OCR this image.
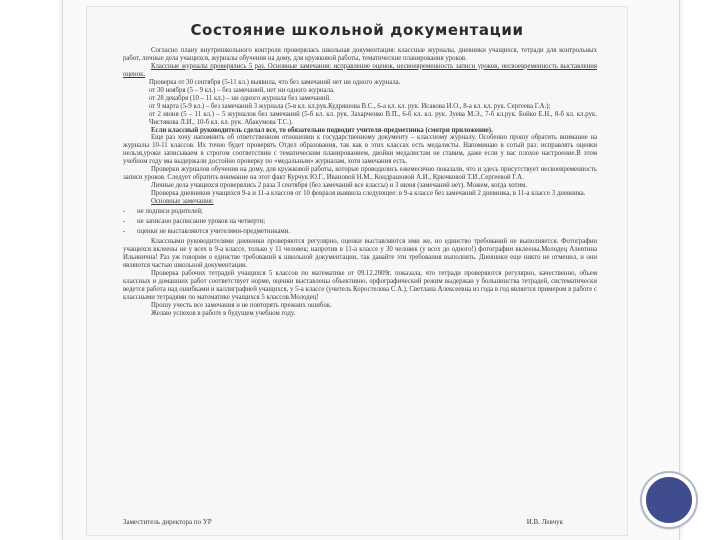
Состояние школьной документации

Согласно плану внутришкольного контроля проверялась школьная документация: классные журналы, дневники учащихся, тетради для контрольных работ, личные дела учащихся, журналы обучения на дому, для кружковой работы, тематические планирования уроков.

Классные журналы проверялись 5 раз. Основные замечания: исправление оценок, несвоевременность записи уроков, несвоевременность выставления оценок.

Проверка от 30 сентября (5-11 кл.) выявила, что без замечаний нет ни одного журнала.

от 30 ноября (5 – 9 кл.) – без замечаний, нет ни одного журнала.

от 28 декабря (10 – 11 кл.) – ни одного журнала без замечаний.

от 9 марта (5-9 кл.) – без замечаний 3 журнала (5-в кл. кл.рук.Кудряшова В.С., 6-а кл. кл. рук. Исакова И.О., 8-а кл. кл. рук. Сергеева Г.А.);

от 2 июня (5 – 11 кл.) – 5 журналов без замечаний (5-б кл. кл. рук. Захарченко В.П., 6-б кл. кл. рук. Зуева М.Э., 7-б кл.рук. Бойко Е.Н., 8-б кл. кл.рук. Чистякова Л.И., 10-б кл. кл. рук. Абакумова Т.С.).

Если классный руководитель сделал все, то обязательно подводит учителя-предметника (смотри приложение).

Еще раз хочу напомнить об ответственном отношении к государственному документу – классному журналу. Особенно прошу обратить внимание на журналы 10-11 классов. Их точно будет проверять Отдел образования, так как в этих классах есть медалисты. Напоминаю в сотый раз: исправлять оценки нельзя,уроки записываем в строгом соответствии с тематическим планированием, двойки медалистам не ставим, даже если у вас плохое настроение.В этом учебном году мы выдержали достойно проверку по «медальным» журналам, хотя замечания есть.

Проверки журналов обучения на дому, для кружковой работы, которые проводились ежемесячно показали, что и здесь присутствует несвоевременность записи уроков. Следует обратить внимание на этот факт Курчук Ю.Г., Ивановой Н.М., Кондрашовой А.И., Крючковой Т.И.,Сергеевой Г.А.

Личные дела учащихся проверялись 2 раза 3 сентября (без замечаний все классы) и 3 июня (замечаний нет). Можем, когда хотим.

Проверка дневников учащихся 9-а и 11-а классов от 10 февраля выявила следующее: в 9-а классе без замечаний 2 дневника, в 11-а классе 3 дневника.

Основные замечания:

-	не подписи родителей;

-	не записано расписание уроков на четверти;

-	оценки не выставляются учителями-предметниками.

Классными руководителями дневники проверяются регулярно, оценки выставляются ими же, но единство требований не выполняется. Фотографии учащихся вклеены не у всех в 9-а классе, только у 11 человек; напротив в 11-а классе у 30 человек (у всех до одного!) фотографии вклеены.Молодец Алевтина Ильинична! Раз уж говорим о единстве требований к школьной документации, так давайте эти требования выполнять. Дневники еще никто не отменил, и они являются частью школьной документации.

Проверка рабочих тетрадей учащихся 5 классов по математике от 09.12.2009г. показала, что тетради проверяются регулярно, качественно, объем классных и домашних работ соответствует норме, оценки выставлены объективно, орфографический режим выдержан у большинства тетрадей, систематически ведется работа над ошибками и каллиграфией учащихся, у 5-а классе (учитель Коростелева С.А.), Светлана Алексеевна из года в год является примером в работе с классными тетрадями по математике учащихся 5 классов.Молодец!

Прошу учесть все замечания и не повторять прежних ошибок.

Желаю успехов в работе в будущем учебном году.

Заместитель директора по УР	И.В. Левчук
